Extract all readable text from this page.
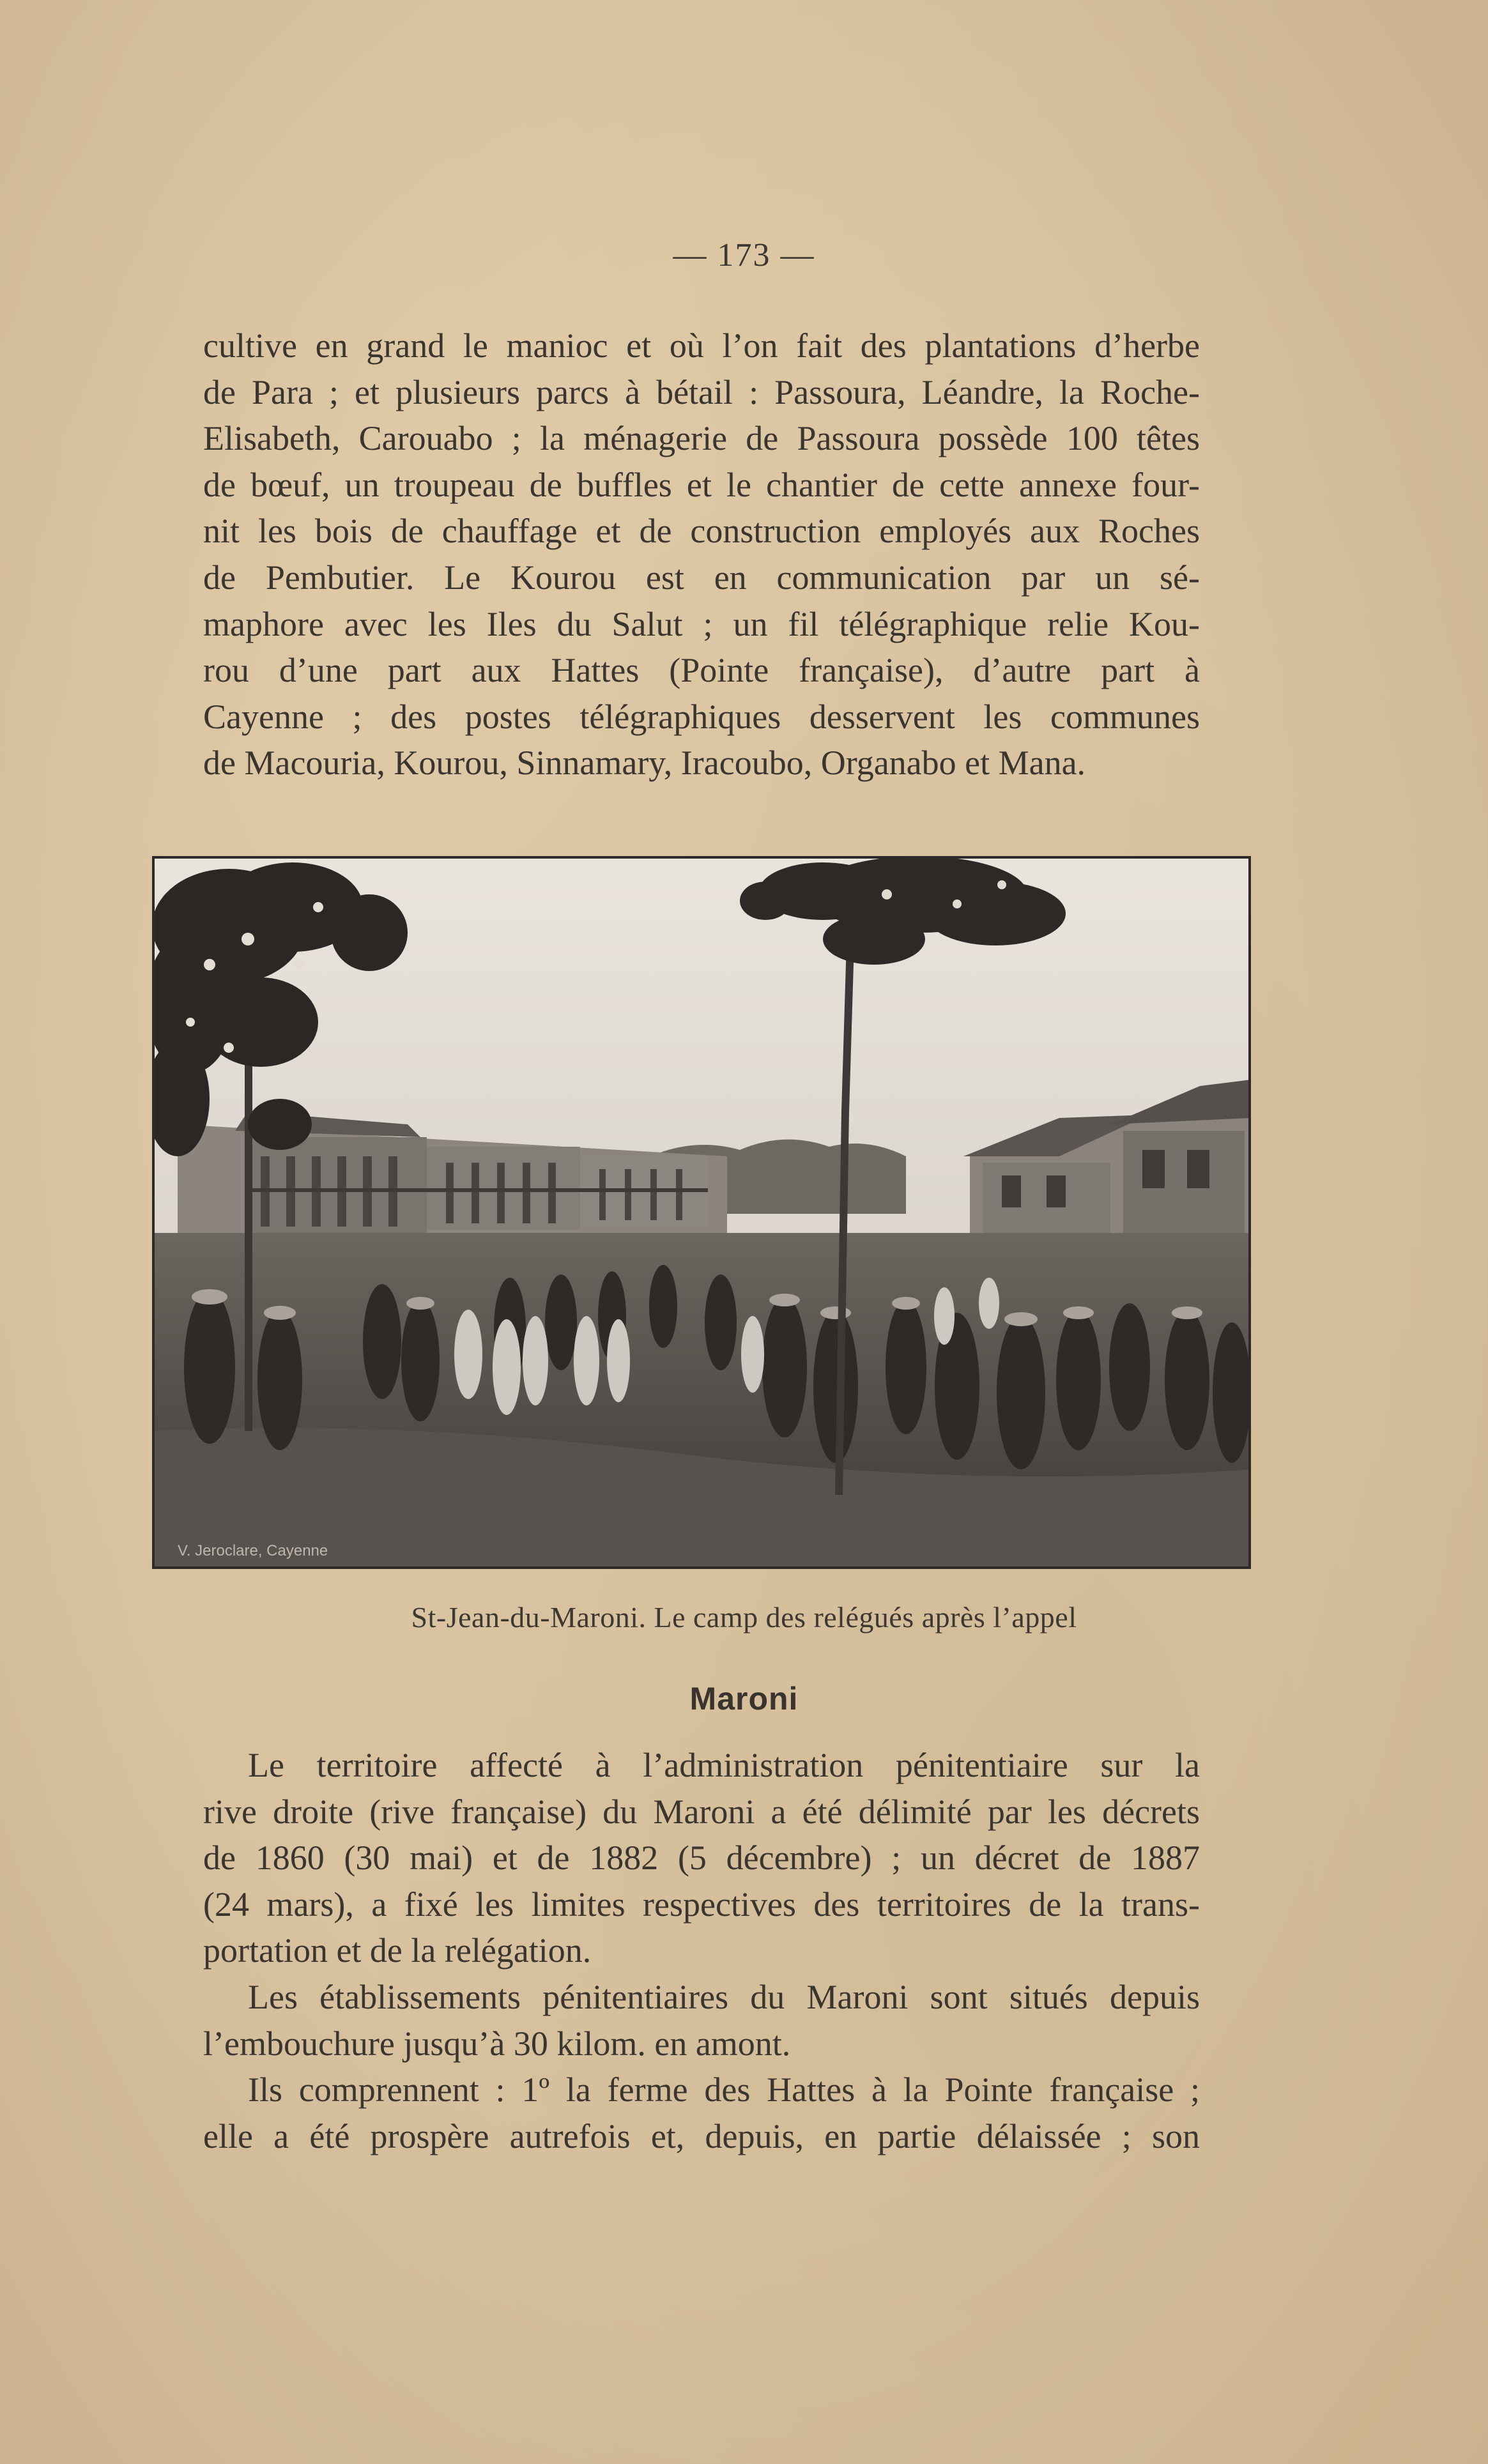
— 173 —
cultive en grand le manioc et où l’on fait des plantations d’herbe
de Para ; et plusieurs parcs à bétail : Passoura, Léandre, la Roche-
Elisabeth, Carouabo ; la ménagerie de Passoura possède 100 têtes
de bœuf, un troupeau de buffles et le chantier de cette annexe four-
nit les bois de chauffage et de construction employés aux Roches
de Pembutier. Le Kourou est en communication par un sé-
maphore avec les Iles du Salut ; un fil télégraphique relie Kou-
rou d’une part aux Hattes (Pointe française), d’autre part à
Cayenne ; des postes télégraphiques desservent les communes
de Macouria, Kourou, Sinnamary, Iracoubo, Organabo et Mana.
V. Jeroclare, Cayenne
St-Jean-du-Maroni. Le camp des relégués après l’appel
Maroni
Le territoire affecté à l’administration pénitentiaire sur la
rive droite (rive française) du Maroni a été délimité par les décrets
de 1860 (30 mai) et de 1882 (5 décembre) ; un décret de 1887
(24 mars), a fixé les limites respectives des territoires de la trans-
portation et de la relégation.
Les établissements pénitentiaires du Maroni sont situés depuis
l’embouchure jusqu’à 30 kilom. en amont.
Ils comprennent : 1º la ferme des Hattes à la Pointe française ;
elle a été prospère autrefois et, depuis, en partie délaissée ; son
